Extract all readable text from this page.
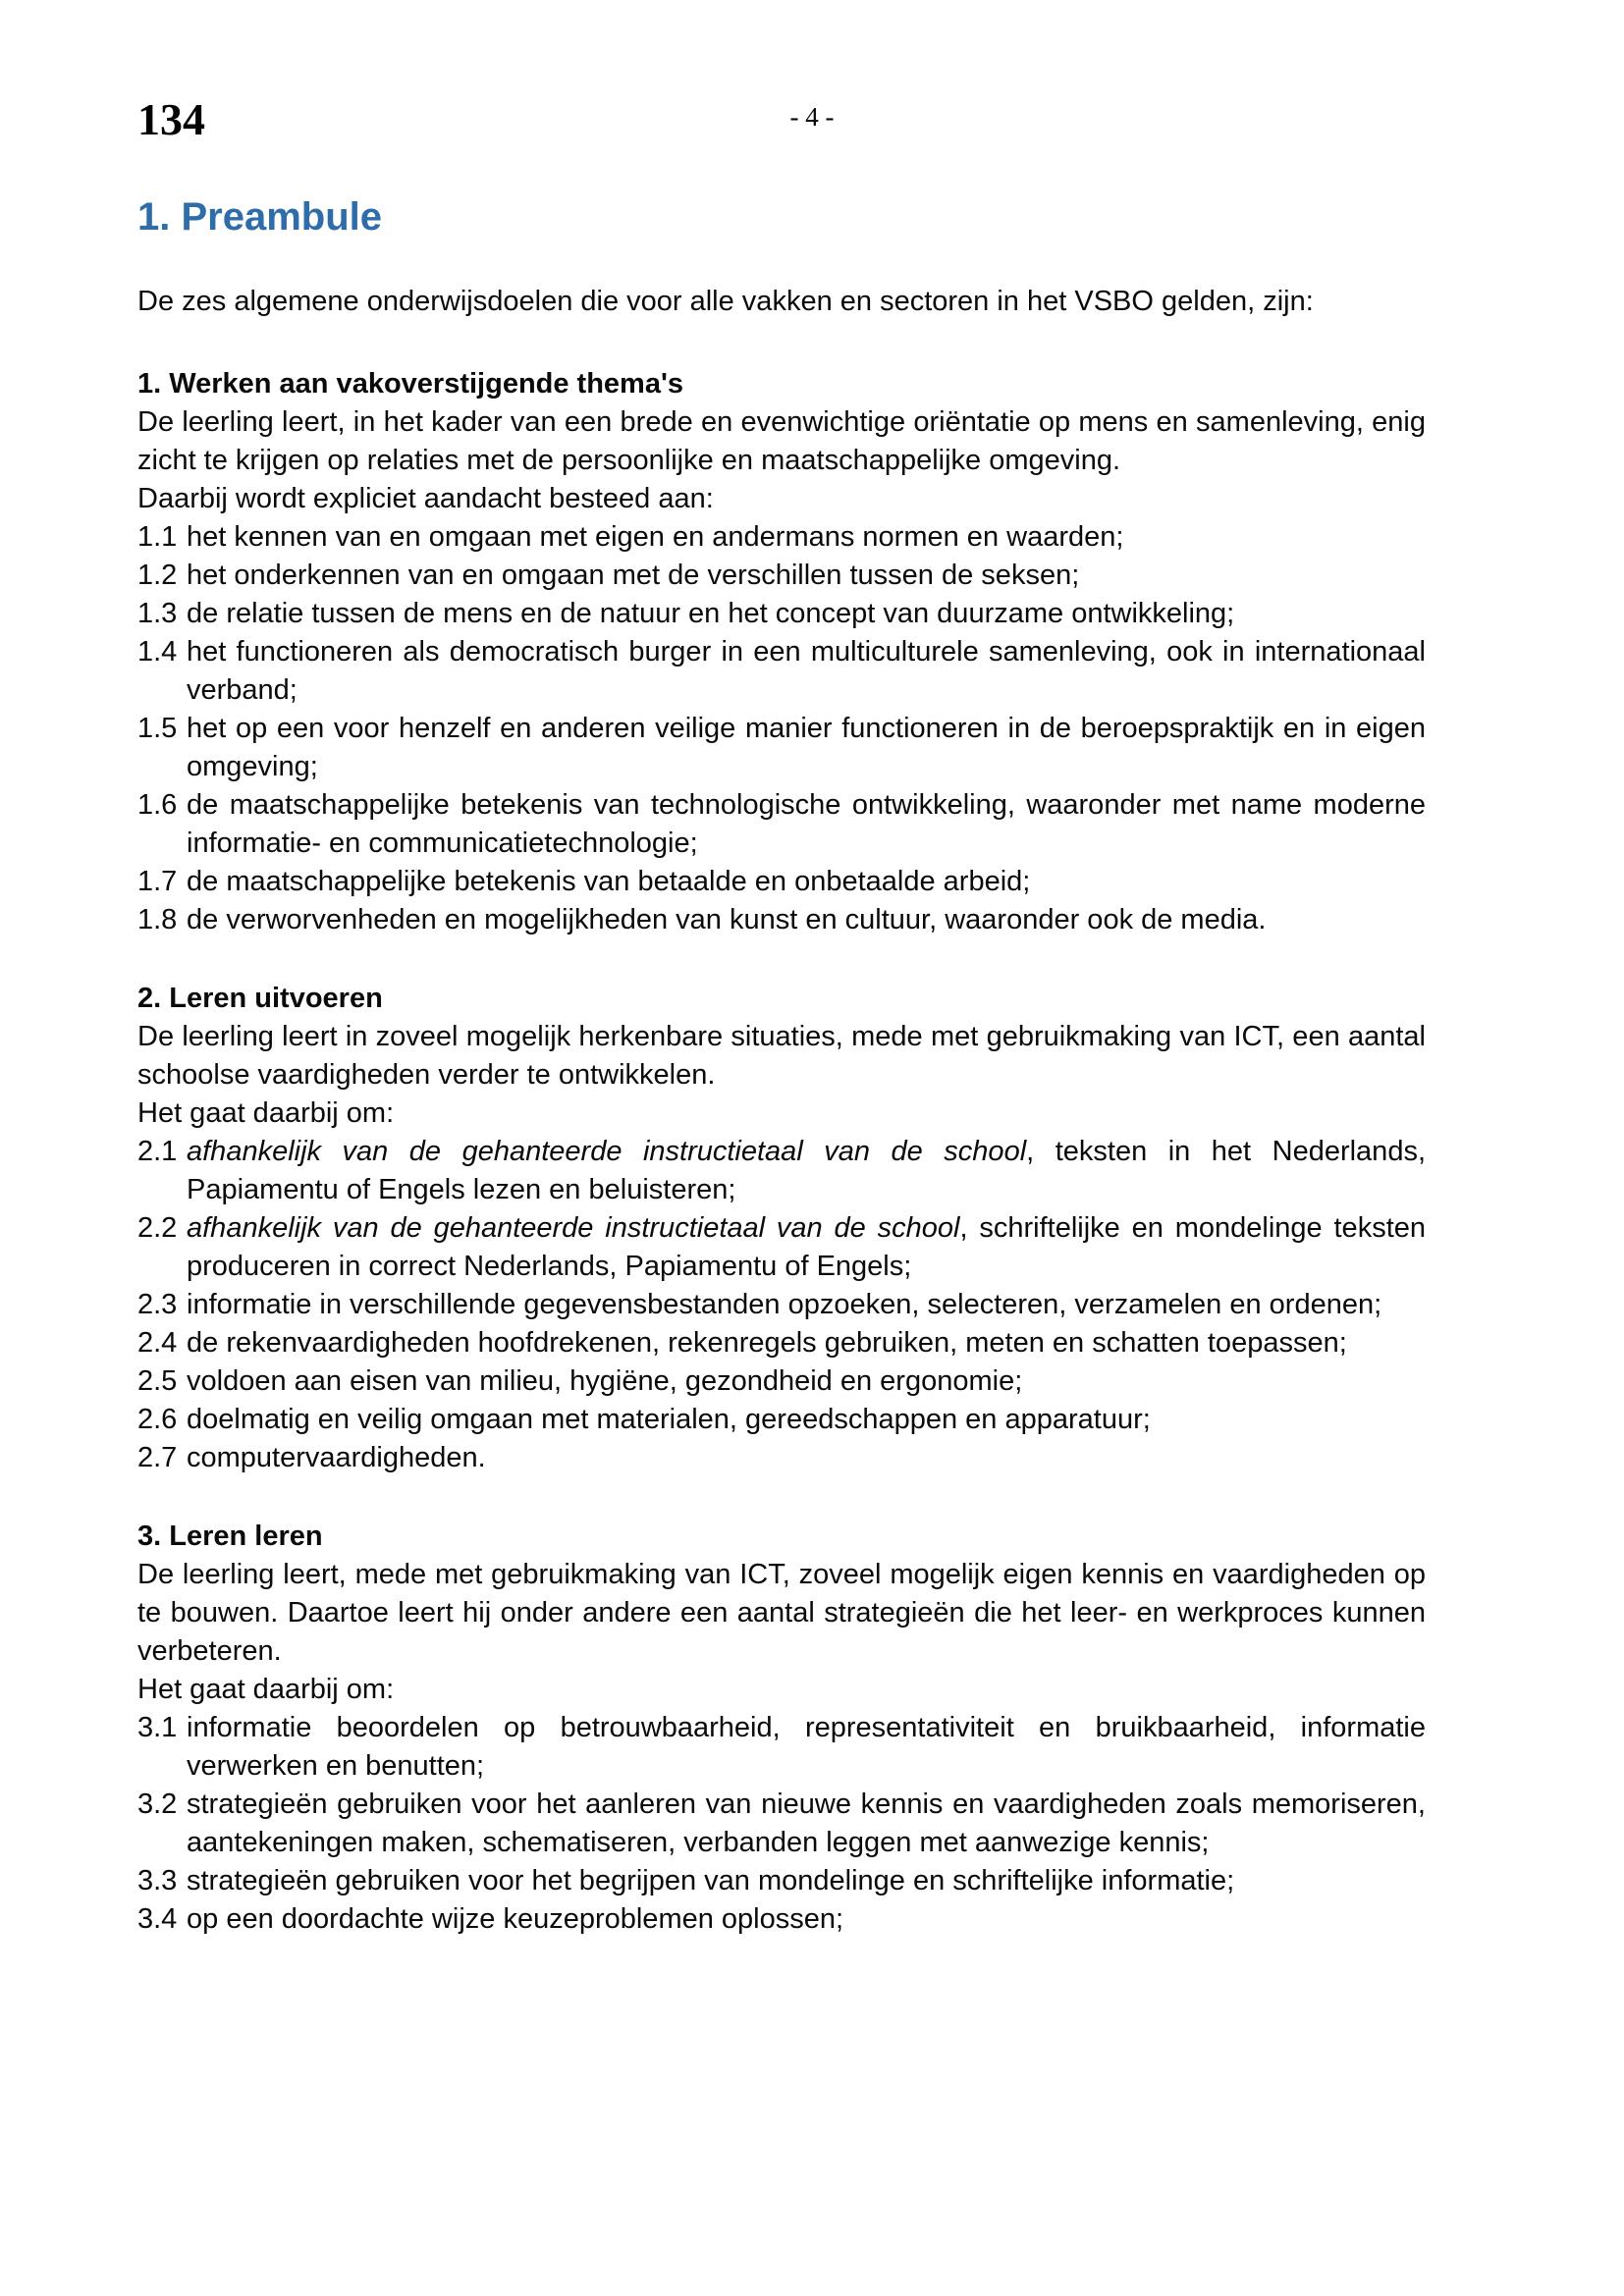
134	- 4 -
1. Preambule

De zes algemene onderwijsdoelen die voor alle vakken en sectoren in het VSBO gelden, zijn:

1. Werken aan vakoverstijgende thema's

De leerling leert, in het kader van een brede en evenwichtige oriëntatie op mens en samenleving, enig zicht te krijgen op relaties met de persoonlijke en maatschappelijke omgeving.

Daarbij wordt expliciet aandacht besteed aan:

1.1 het kennen van en omgaan met eigen en andermans normen en waarden;
1.2 het onderkennen van en omgaan met de verschillen tussen de seksen;
1.3 de relatie tussen de mens en de natuur en het concept van duurzame ontwikkeling;
1.4 het functioneren als democratisch burger in een multiculturele samenleving, ook in internationaal verband;
1.5 het op een voor henzelf en anderen veilige manier functioneren in de beroepspraktijk en in eigen omgeving;
1.6 de maatschappelijke betekenis van technologische ontwikkeling, waaronder met name moderne informatie- en communicatietechnologie;
1.7 de maatschappelijke betekenis van betaalde en onbetaalde arbeid;
1.8 de verworvenheden en mogelijkheden van kunst en cultuur, waaronder ook de media.
2. Leren uitvoeren

De leerling leert in zoveel mogelijk herkenbare situaties, mede met gebruikmaking van ICT, een aantal schoolse vaardigheden verder te ontwikkelen.

Het gaat daarbij om:

2.1 afhankelijk van de gehanteerde instructietaal van de school, teksten in het Nederlands, Papiamentu of Engels lezen en beluisteren;
2.2 afhankelijk van de gehanteerde instructietaal van de school, schriftelijke en mondelinge teksten produceren in correct Nederlands, Papiamentu of Engels;
2.3 informatie in verschillende gegevensbestanden opzoeken, selecteren, verzamelen en ordenen;
2.4 de rekenvaardigheden hoofdrekenen, rekenregels gebruiken, meten en schatten toepassen;
2.5 voldoen aan eisen van milieu, hygiëne, gezondheid en ergonomie;
2.6 doelmatig en veilig omgaan met materialen, gereedschappen en apparatuur;
2.7 computervaardigheden.
3. Leren leren

De leerling leert, mede met gebruikmaking van ICT, zoveel mogelijk eigen kennis en vaardigheden op te bouwen. Daartoe leert hij onder andere een aantal strategieën die het leer- en werkproces kunnen verbeteren.

Het gaat daarbij om:

3.1 informatie beoordelen op betrouwbaarheid, representativiteit en bruikbaarheid, informatie verwerken en benutten;
3.2 strategieën gebruiken voor het aanleren van nieuwe kennis en vaardigheden zoals memoriseren, aantekeningen maken, schematiseren, verbanden leggen met aanwezige kennis;
3.3 strategieën gebruiken voor het begrijpen van mondelinge en schriftelijke informatie;
3.4 op een doordachte wijze keuzeproblemen oplossen;
